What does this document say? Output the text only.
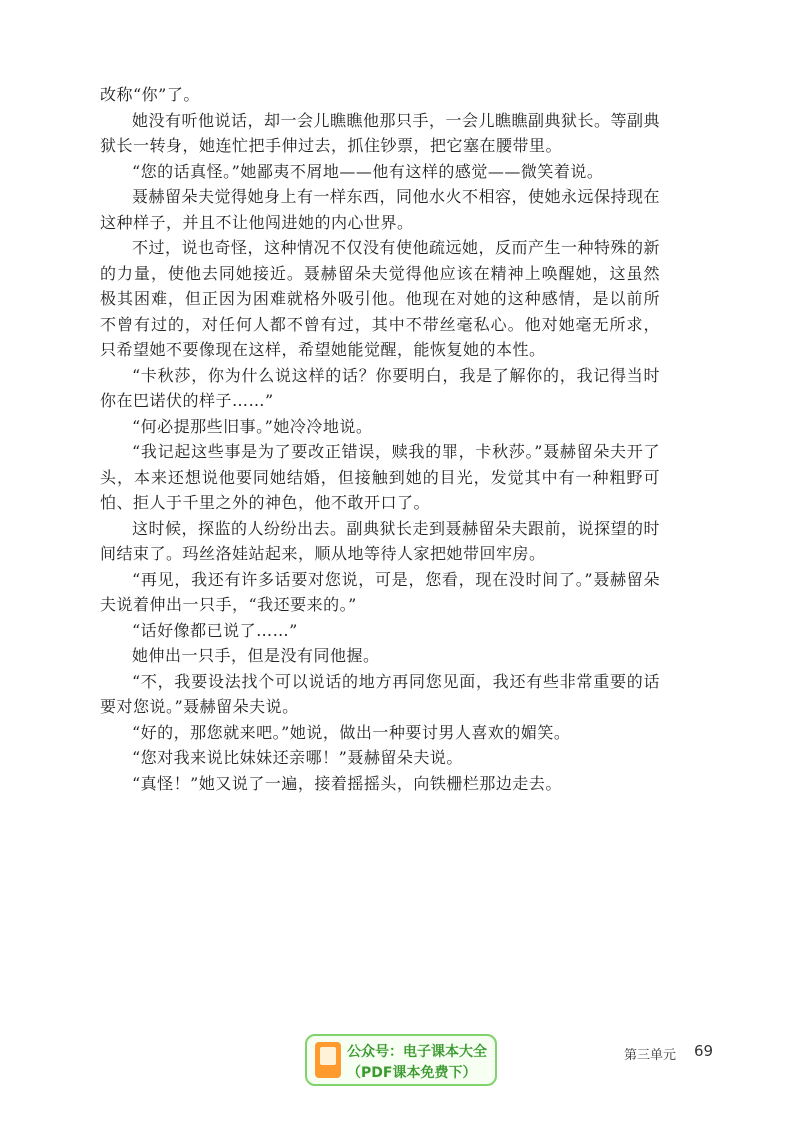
改称“你”了。

她没有听他说话，却一会儿瞧瞧他那只手，一会儿瞧瞧副典狱长。等副典狱长一转身，她连忙把手伸过去，抓住钞票，把它塞在腰带里。

“您的话真怪。”她鄙夷不屑地——他有这样的感觉——微笑着说。

聂赫留朵夫觉得她身上有一样东西，同他水火不相容，使她永远保持现在这种样子，并且不让他闯进她的内心世界。

不过，说也奇怪，这种情况不仅没有使他疏远她，反而产生一种特殊的新的力量，使他去同她接近。聂赫留朵夫觉得他应该在精神上唤醒她，这虽然极其困难，但正因为困难就格外吸引他。他现在对她的这种感情，是以前所不曾有过的，对任何人都不曾有过，其中不带丝毫私心。他对她毫无所求，只希望她不要像现在这样，希望她能觉醒，能恢复她的本性。

“卡秋莎，你为什么说这样的话？你要明白，我是了解你的，我记得当时你在巴诺伏的样子……”

“何必提那些旧事。”她冷冷地说。

“我记起这些事是为了要改正错误，赎我的罪，卡秋莎。”聂赫留朵夫开了头，本来还想说他要同她结婚，但接触到她的目光，发觉其中有一种粗野可怕、拒人于千里之外的神色，他不敢开口了。

这时候，探监的人纷纷出去。副典狱长走到聂赫留朵夫跟前，说探望的时间结束了。玛丝洛娃站起来，顺从地等待人家把她带回牢房。

“再见，我还有许多话要对您说，可是，您看，现在没时间了。”聂赫留朵夫说着伸出一只手，“我还要来的。”

“话好像都已说了……”

她伸出一只手，但是没有同他握。

“不，我要设法找个可以说话的地方再同您见面，我还有些非常重要的话要对您说。”聂赫留朵夫说。

“好的，那您就来吧。”她说，做出一种要讨男人喜欢的媚笑。

“您对我来说比妹妹还亲哪！”聂赫留朵夫说。

“真怪！”她又说了一遍，接着摇摇头，向铁栅栏那边走去。

公众号：电子课本大全
（PDF课本免费下）
第三单元 69
